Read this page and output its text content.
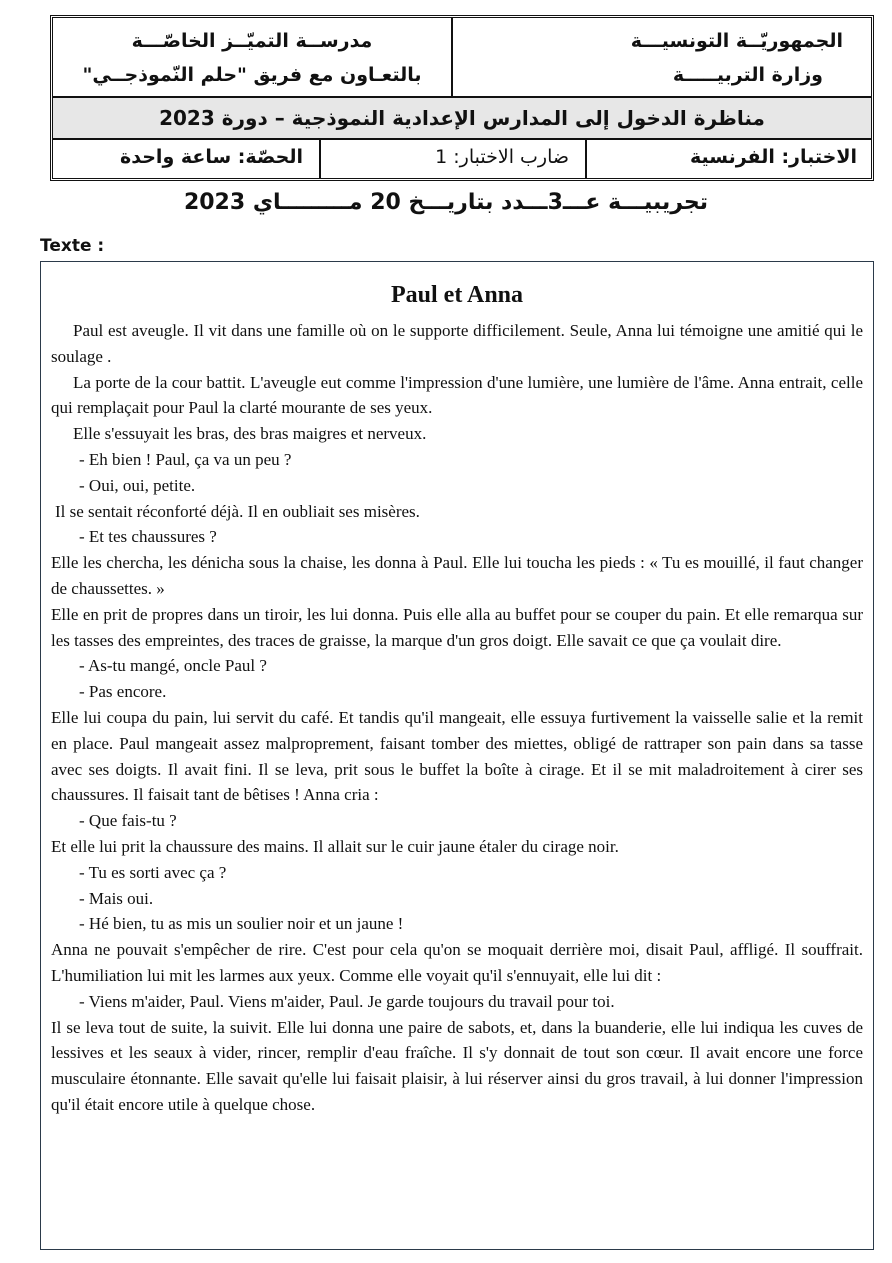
مدرســة التميّــز الخاصّـــة
بالتعـاون مع فريق "حلم النّموذجــي"
الجمهوريّــة التونسيـــة
وزارة التربيـــــة
مناظرة الدخول إلى المدارس الإعدادية النموذجية – دورة 2023
الحصّة: ساعة واحدة	ضارب الاختبار: 1	الاختبار: الفرنسية
تجريبيـــة عـــ3ـــدد بتاريـــخ 20 مـــــــــاي 2023
Texte :
Paul et Anna

Paul est aveugle. Il vit dans une famille où on le supporte difficilement. Seule, Anna lui témoigne une amitié qui le soulage .

La porte de la cour battit. L'aveugle eut comme l'impression d'une lumière, une lumière de l'âme. Anna entrait, celle qui remplaçait pour Paul la clarté mourante de ses yeux.

Elle s'essuyait les bras, des bras maigres et nerveux.

- Eh bien ! Paul, ça va un peu ?

- Oui, oui, petite.

Il se sentait réconforté déjà. Il en oubliait ses misères.

- Et tes chaussures ?

Elle les chercha, les dénicha sous la chaise, les donna à Paul. Elle lui toucha les pieds : « Tu es mouillé, il faut changer de chaussettes. »

Elle en prit de propres dans un tiroir, les lui donna. Puis elle alla au buffet pour se couper du pain. Et elle remarqua sur les tasses des empreintes, des traces de graisse, la marque d'un gros doigt. Elle savait ce que ça voulait dire.

- As-tu mangé, oncle Paul ?

- Pas encore.

Elle lui coupa du pain, lui servit du café. Et tandis qu'il mangeait, elle essuya furtivement la vaisselle salie et la remit en place. Paul mangeait assez malproprement, faisant tomber des miettes, obligé de rattraper son pain dans sa tasse avec ses doigts. Il avait fini. Il se leva, prit sous le buffet la boîte à cirage. Et il se mit maladroitement à cirer ses chaussures. Il faisait tant de bêtises ! Anna cria :

- Que fais-tu ?

Et elle lui prit la chaussure des mains. Il allait sur le cuir jaune étaler du cirage noir.

- Tu es sorti avec ça ?

- Mais oui.

- Hé bien, tu as mis un soulier noir et un jaune !

Anna ne pouvait s'empêcher de rire. C'est pour cela qu'on se moquait derrière moi, disait Paul, affligé. Il souffrait. L'humiliation lui mit les larmes aux yeux. Comme elle voyait qu'il s'ennuyait, elle lui dit :

- Viens m'aider, Paul. Viens m'aider, Paul. Je garde toujours du travail pour toi.

Il se leva tout de suite, la suivit. Elle lui donna une paire de sabots, et, dans la buanderie, elle lui indiqua les cuves de lessives et les seaux à vider, rincer, remplir d'eau fraîche. Il s'y donnait de tout son cœur. Il avait encore une force musculaire étonnante. Elle savait qu'elle lui faisait plaisir, à lui réserver ainsi du gros travail, à lui donner l'impression qu'il était encore utile à quelque chose.
